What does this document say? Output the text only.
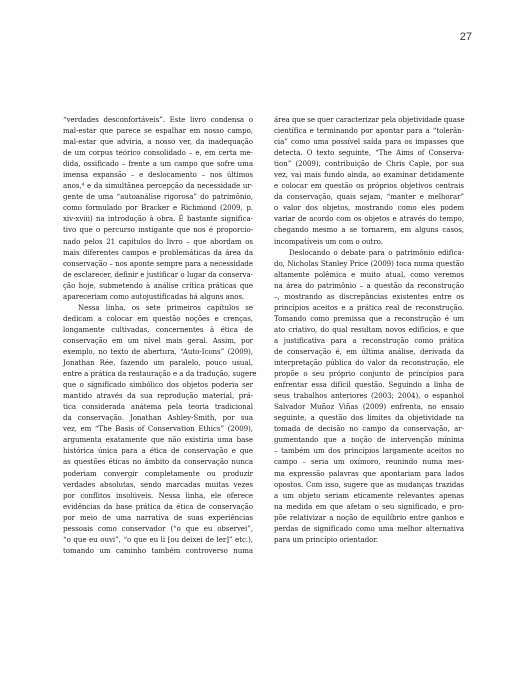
27
“verdades desconfortáveis”. Este livro condensa o
mal-estar que parece se espalhar em nosso campo,
mal-estar que adviria, a nosso ver, da inadequação
de um corpus teórico consolidado – e, em certa me-
dida, ossificado – frente a um campo que sofre uma
imensa expansão – e deslocamento – nos últimos
anos,⁴ e da simultânea percepção da necessidade ur-
gente de uma “autoanálise rigorosa” do patrimônio,
como formulado por Bracker e Richmond (2009, p.
xiv-xviii) na introdução à obra. É bastante significa-
tivo que o percurso instigante que nos é proporcio-
nado pelos 21 capítulos do livro – que abordam os
mais diferentes campos e problemáticas da área da
conservação – nos aponte sempre para a necessidade
de esclarecer, definir e justificar o lugar da conserva-
ção hoje, submetendo à análise crítica práticas que
apareceriam como autojustificadas há alguns anos.
Nessa linha, os sete primeiros capítulos se
dedicam a colocar em questão noções e crenças,
longamente cultivadas, concernentes à ética de
conservação em um nível mais geral. Assim, por
exemplo, no texto de abertura, “Auto-Icons” (2009),
Jonathan Rée, fazendo um paralelo, pouco usual,
entre a prática da restauração e a da tradução, sugere
que o significado simbólico dos objetos poderia ser
mantido através da sua reprodução material, prá-
tica considerada anátema pela teoria tradicional
da conservação. Jonathan Ashley-Smith, por sua
vez, em “The Basis of Conservation Ethics” (2009),
argumenta exatamente que não existiria uma base
histórica única para a ética de conservação e que
as questões éticas no âmbito da conservação nunca
poderiam convergir completamente ou produzir
verdades absolutas, sendo marcadas muitas vezes
por conflitos insolúveis. Nessa linha, ele oferece
evidências da base prática da ética de conservação
por meio de uma narrativa de suas experiências
pessoais como conservador (“o que eu observei”,
“o que eu ouvi”, “o que eu li [ou deixei de ler]” etc.),
tomando um caminho também controverso numa
área que se quer caracterizar pela objetividade quase
científica e terminando por apontar para a “tolerân-
cia” como uma possível saída para os impasses que
detecta. O texto seguinte, “The Aims of Conserva-
tion” (2009), contribuição de Chris Caple, por sua
vez, vai mais fundo ainda, ao examinar detidamente
e colocar em questão os próprios objetivos centrais
da conservação, quais sejam, “manter e melhorar”
o valor dos objetos, mostrando como eles podem
variar de acordo com os objetos e através do tempo,
chegando mesmo a se tornarem, em alguns casos,
incompatíveis um com o outro.
Deslocando o debate para o patrimônio edifica-
do, Nicholas Stanley Price (2009) toca numa questão
altamente polêmica e muito atual, como veremos
na área do patrimônio – a questão da reconstrução
–, mostrando as discrepâncias existentes entre os
princípios aceitos e a prática real de reconstrução.
Tomando como premissa que a reconstrução é um
ato criativo, do qual resultam novos edifícios, e que
a justificativa para a reconstrução como prática
de conservação é, em última análise, derivada da
interpretação pública do valor da reconstrução, ele
propõe o seu próprio conjunto de princípios para
enfrentar essa difícil questão. Seguindo a linha de
seus trabalhos anteriores (2003; 2004), o espanhol
Salvador Muñoz Viñas (2009) enfrenta, no ensaio
seguinte, a questão dos limites da objetividade na
tomada de decisão no campo da conservação, ar-
gumentando que a noção de intervenção mínima
– também um dos princípios largamente aceitos no
campo – seria um oxímoro, reunindo numa mes-
ma expressão palavras que apontariam para lados
opostos. Com isso, sugere que as mudanças trazidas
a um objeto seriam eticamente relevantes apenas
na medida em que afetam o seu significado, e pro-
põe relativizar a noção de equilíbrio entre ganhos e
perdas de significado como uma melhor alternativa
para um princípio orientador.
